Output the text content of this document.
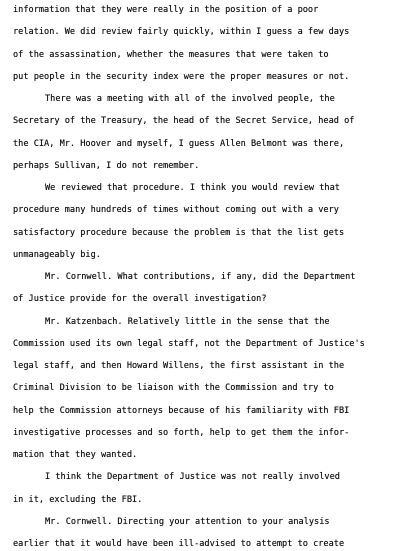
information that they were really in the position of a poor
relation. We did review fairly quickly, within I guess a few days
of the assassination, whether the measures that were taken to
put people in the security index were the proper measures or not.
There was a meeting with all of the involved people, the
Secretary of the Treasury, the head of the Secret Service, head of
the CIA, Mr. Hoover and myself, I guess Allen Belmont was there,
perhaps Sullivan, I do not remember.
We reviewed that procedure. I think you would review that
procedure many hundreds of times without coming out with a very
satisfactory procedure because the problem is that the list gets
unmanageably big.
Mr. Cornwell. What contributions, if any, did the Department
of Justice provide for the overall investigation?
Mr. Katzenbach. Relatively little in the sense that the
Commission used its own legal staff, not the Department of Justice's
legal staff, and then Howard Willens, the first assistant in the
Criminal Division to be liaison with the Commission and try to
help the Commission attorneys because of his familiarity with FBI
investigative processes and so forth, help to get them the infor-
mation that they wanted.
I think the Department of Justice was not really involved
in it, excluding the FBI.
Mr. Cornwell. Directing your attention to your analysis
earlier that it would have been ill-advised to attempt to create
